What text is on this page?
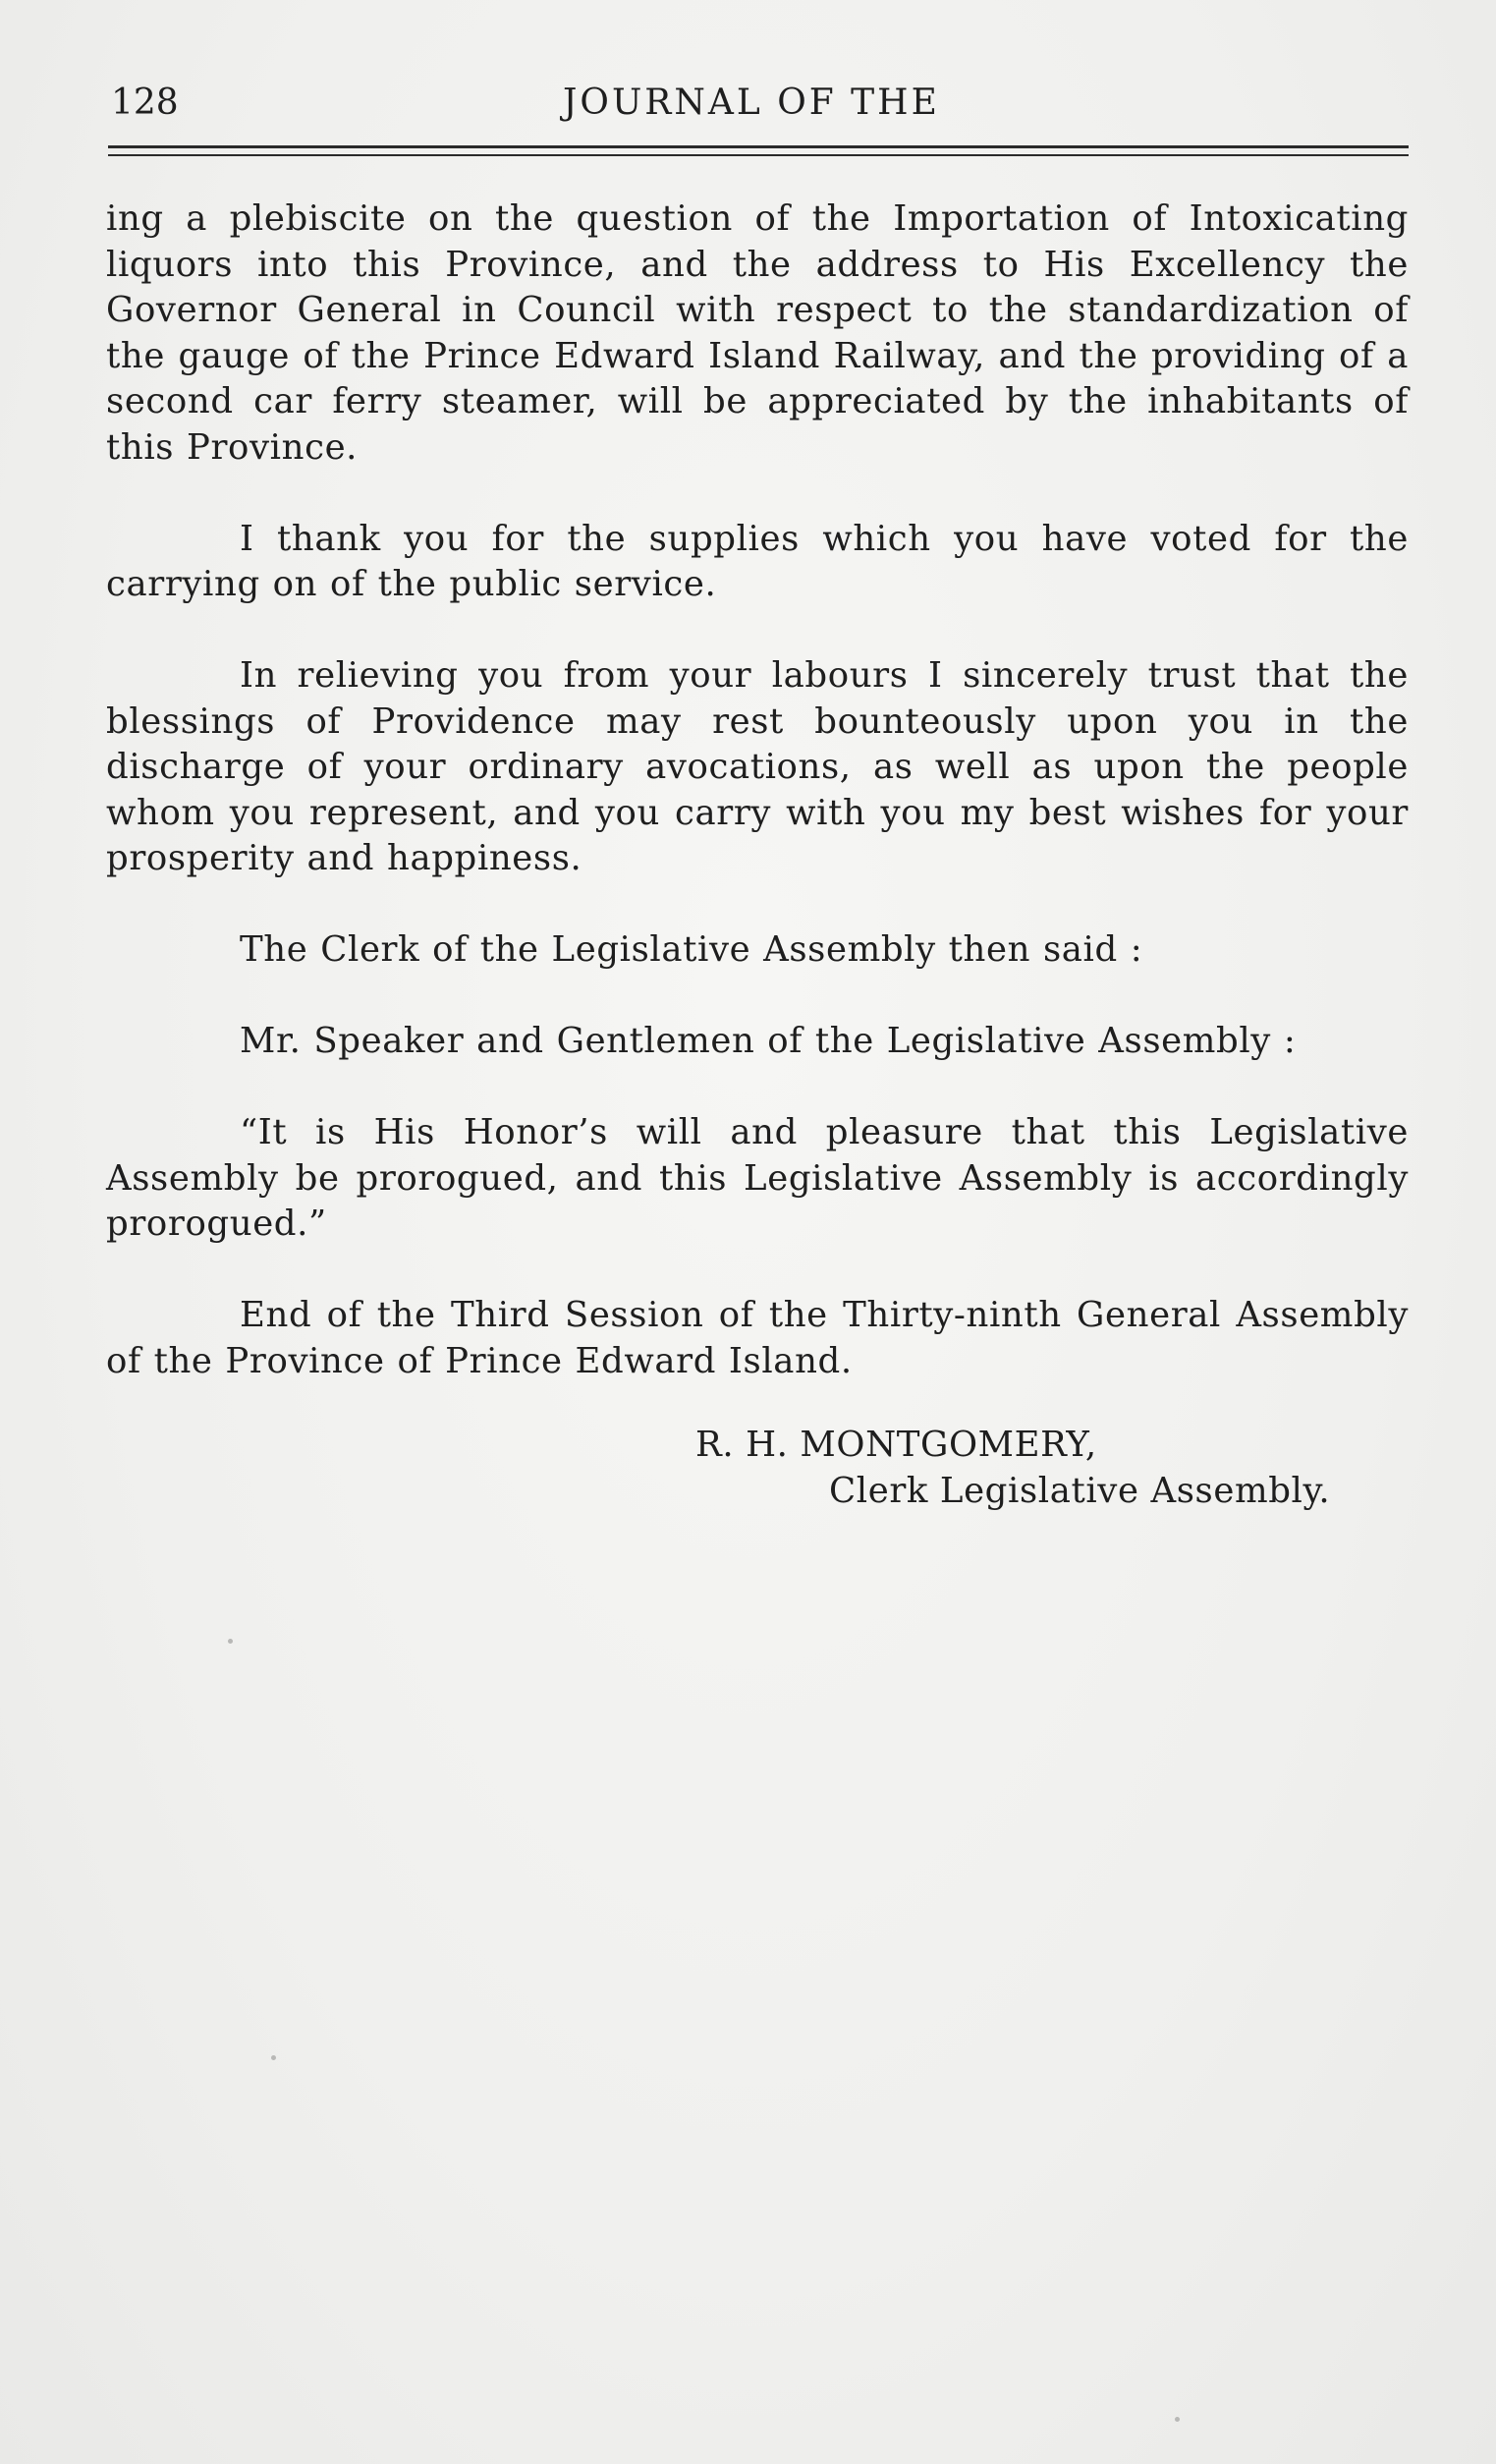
128	JOURNAL OF THE

ing a plebiscite on the question of the Importation of Intoxicating liquors into this Province, and the address to His Excellency the Governor General in Council with respect to the standardization of the gauge of the Prince Edward Island Railway, and the providing of a second car ferry steamer, will be appreciated by the inhabitants of this Province.

I thank you for the supplies which you have voted for the carrying on of the public service.

In relieving you from your labours I sincerely trust that the blessings of Providence may rest bounteously upon you in the discharge of your ordinary avocations, as well as upon the people whom you represent, and you carry with you my best wishes for your prosperity and happiness.

The Clerk of the Legislative Assembly then said :

Mr. Speaker and Gentlemen of the Legislative Assembly :

“It is His Honor’s will and pleasure that this Legislative Assembly be prorogued, and this Legislative Assembly is accordingly prorogued.”

End of the Third Session of the Thirty-ninth General Assembly of the Province of Prince Edward Island.

R. H. MONTGOMERY,
Clerk Legislative Assembly.
